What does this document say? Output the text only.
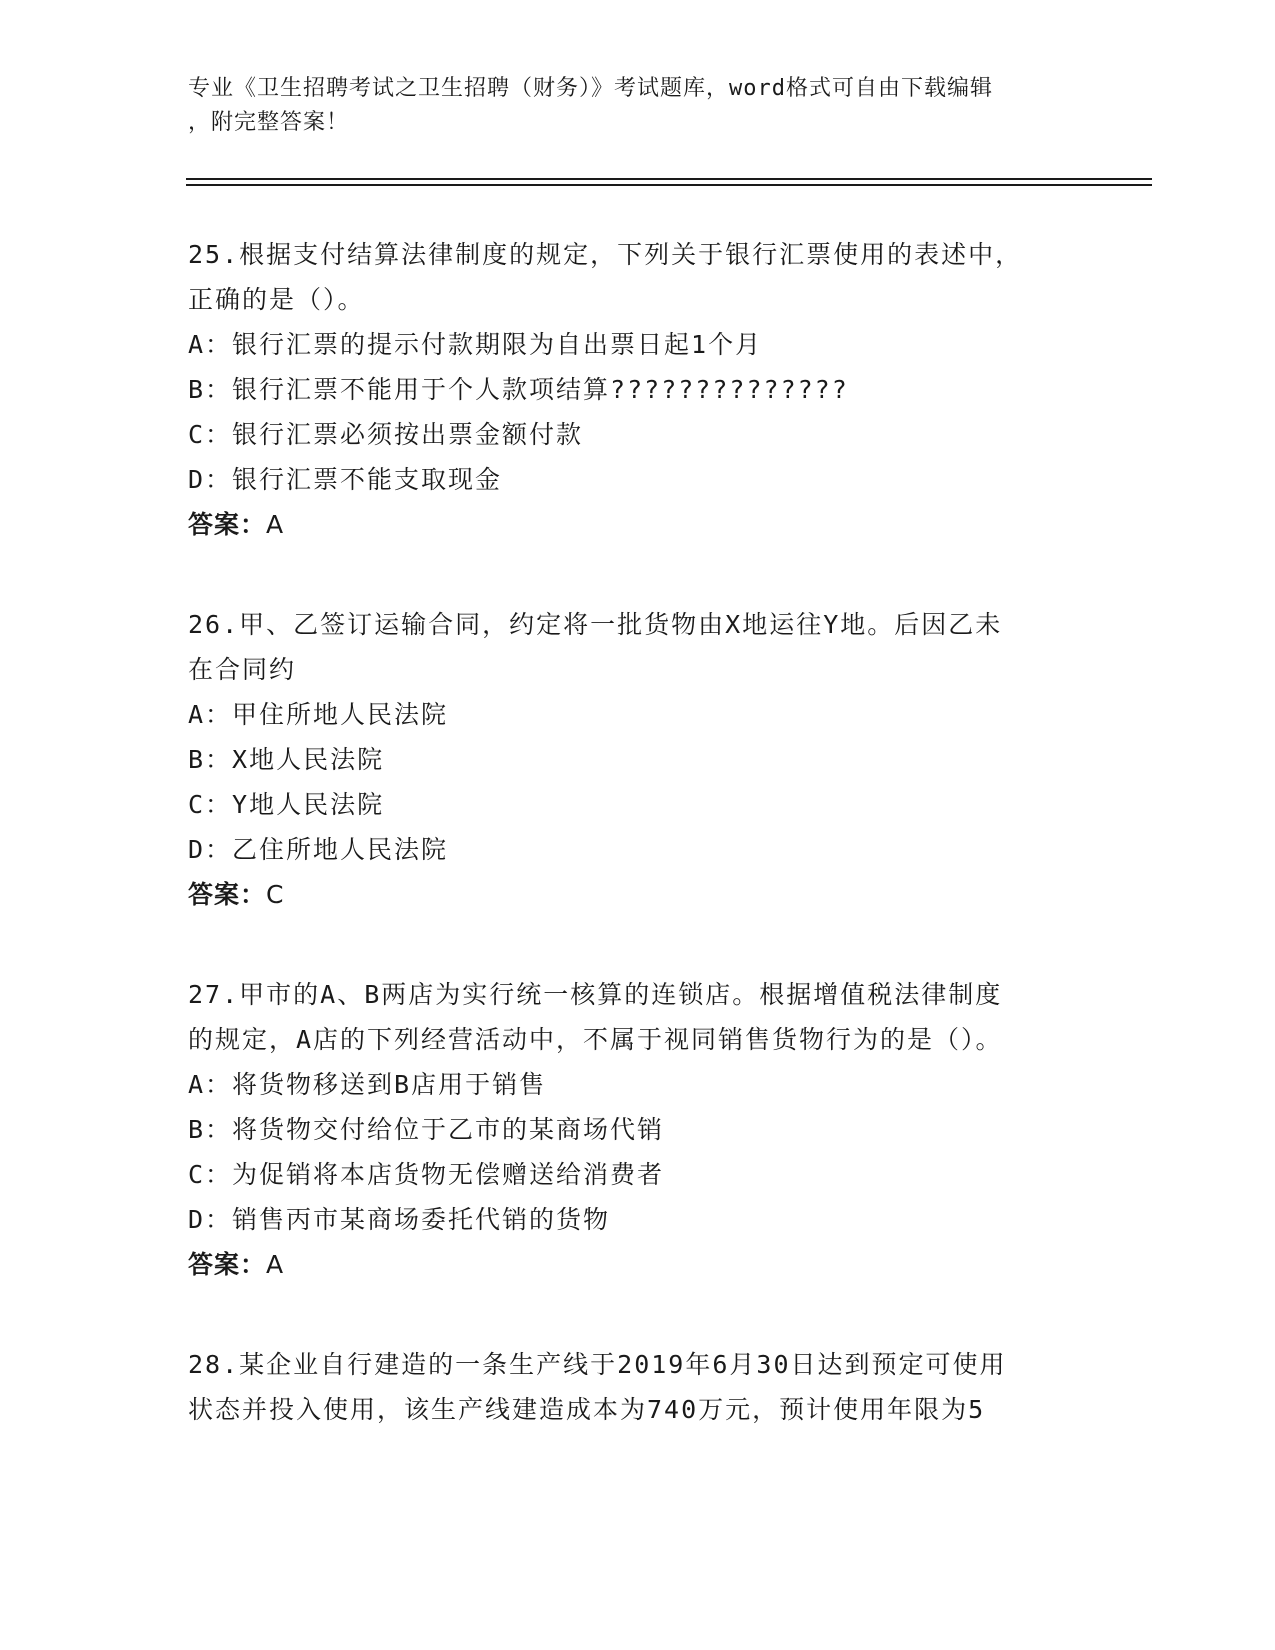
专业《卫生招聘考试之卫生招聘（财务）》考试题库，word格式可自由下载编辑
，附完整答案！
25.根据支付结算法律制度的规定，下列关于银行汇票使用的表述中，
正确的是（）。
A：银行汇票的提示付款期限为自出票日起1个月
B：银行汇票不能用于个人款项结算??????????????
C：银行汇票必须按出票金额付款
D：银行汇票不能支取现金
答案：A
26.甲、乙签订运输合同，约定将一批货物由X地运往Y地。后因乙未
在合同约
A：甲住所地人民法院
B：X地人民法院
C：Y地人民法院
D：乙住所地人民法院
答案：C
27.甲市的A、B两店为实行统一核算的连锁店。根据增值税法律制度
的规定，A店的下列经营活动中，不属于视同销售货物行为的是（）。
A：将货物移送到B店用于销售
B：将货物交付给位于乙市的某商场代销
C：为促销将本店货物无偿赠送给消费者
D：销售丙市某商场委托代销的货物
答案：A
28.某企业自行建造的一条生产线于2019年6月30日达到预定可使用
状态并投入使用，该生产线建造成本为740万元，预计使用年限为5
